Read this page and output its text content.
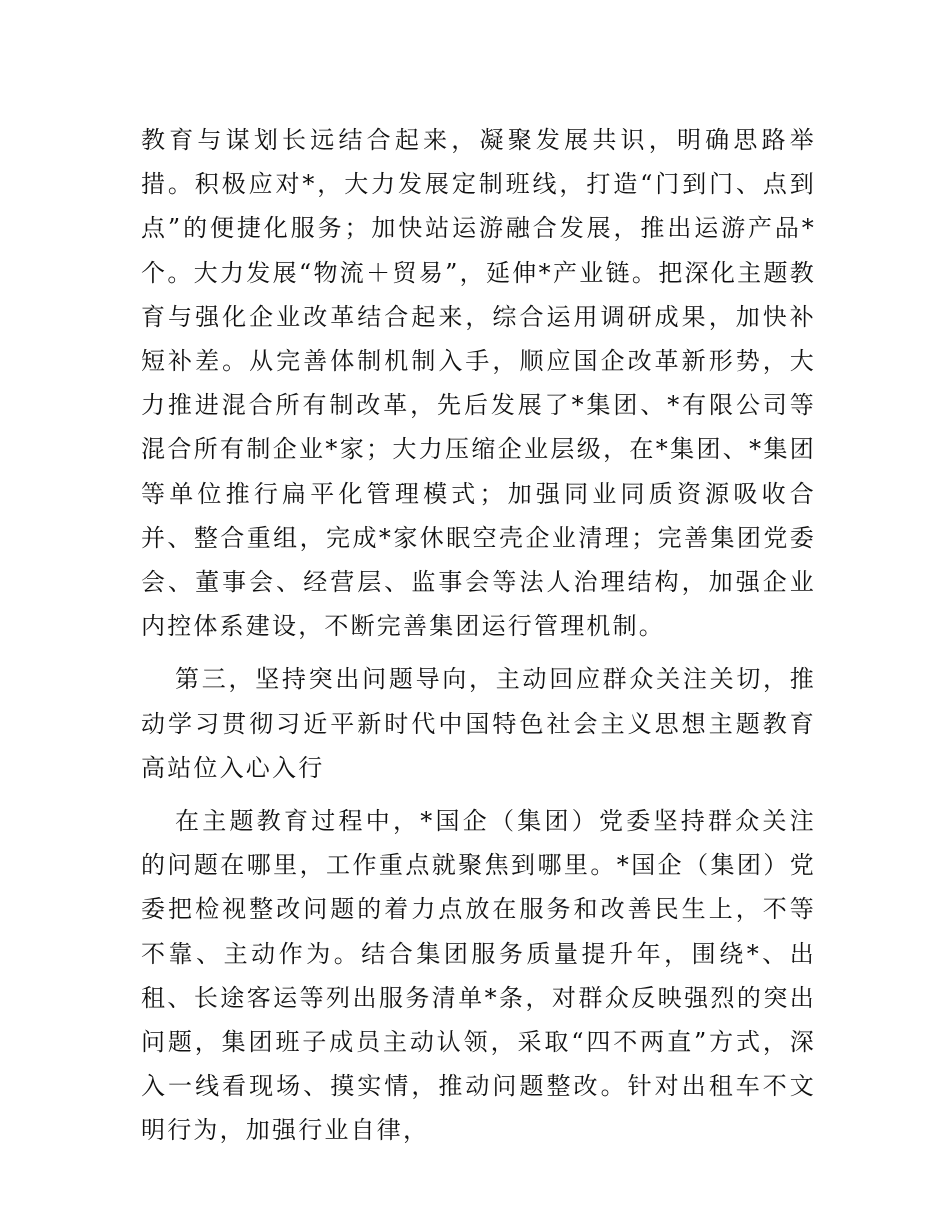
教育与谋划长远结合起来，凝聚发展共识，明确思路举措。积极应对*，大力发展定制班线，打造“门到门、点到点”的便捷化服务；加快站运游融合发展，推出运游产品*个。大力发展“物流＋贸易”，延伸*产业链。把深化主题教育与强化企业改革结合起来，综合运用调研成果，加快补短补差。从完善体制机制入手，顺应国企改革新形势，大力推进混合所有制改革，先后发展了*集团、*有限公司等混合所有制企业*家；大力压缩企业层级，在*集团、*集团等单位推行扁平化管理模式；加强同业同质资源吸收合并、整合重组，完成*家休眠空壳企业清理；完善集团党委会、董事会、经营层、监事会等法人治理结构，加强企业内控体系建设，不断完善集团运行管理机制。

第三，坚持突出问题导向，主动回应群众关注关切，推动学习贯彻习近平新时代中国特色社会主义思想主题教育高站位入心入行

在主题教育过程中，*国企（集团）党委坚持群众关注的问题在哪里，工作重点就聚焦到哪里。*国企（集团）党委把检视整改问题的着力点放在服务和改善民生上，不等不靠、主动作为。结合集团服务质量提升年，围绕*、出租、长途客运等列出服务清单*条，对群众反映强烈的突出问题，集团班子成员主动认领，采取“四不两直”方式，深入一线看现场、摸实情，推动问题整改。针对出租车不文明行为，加强行业自律，
